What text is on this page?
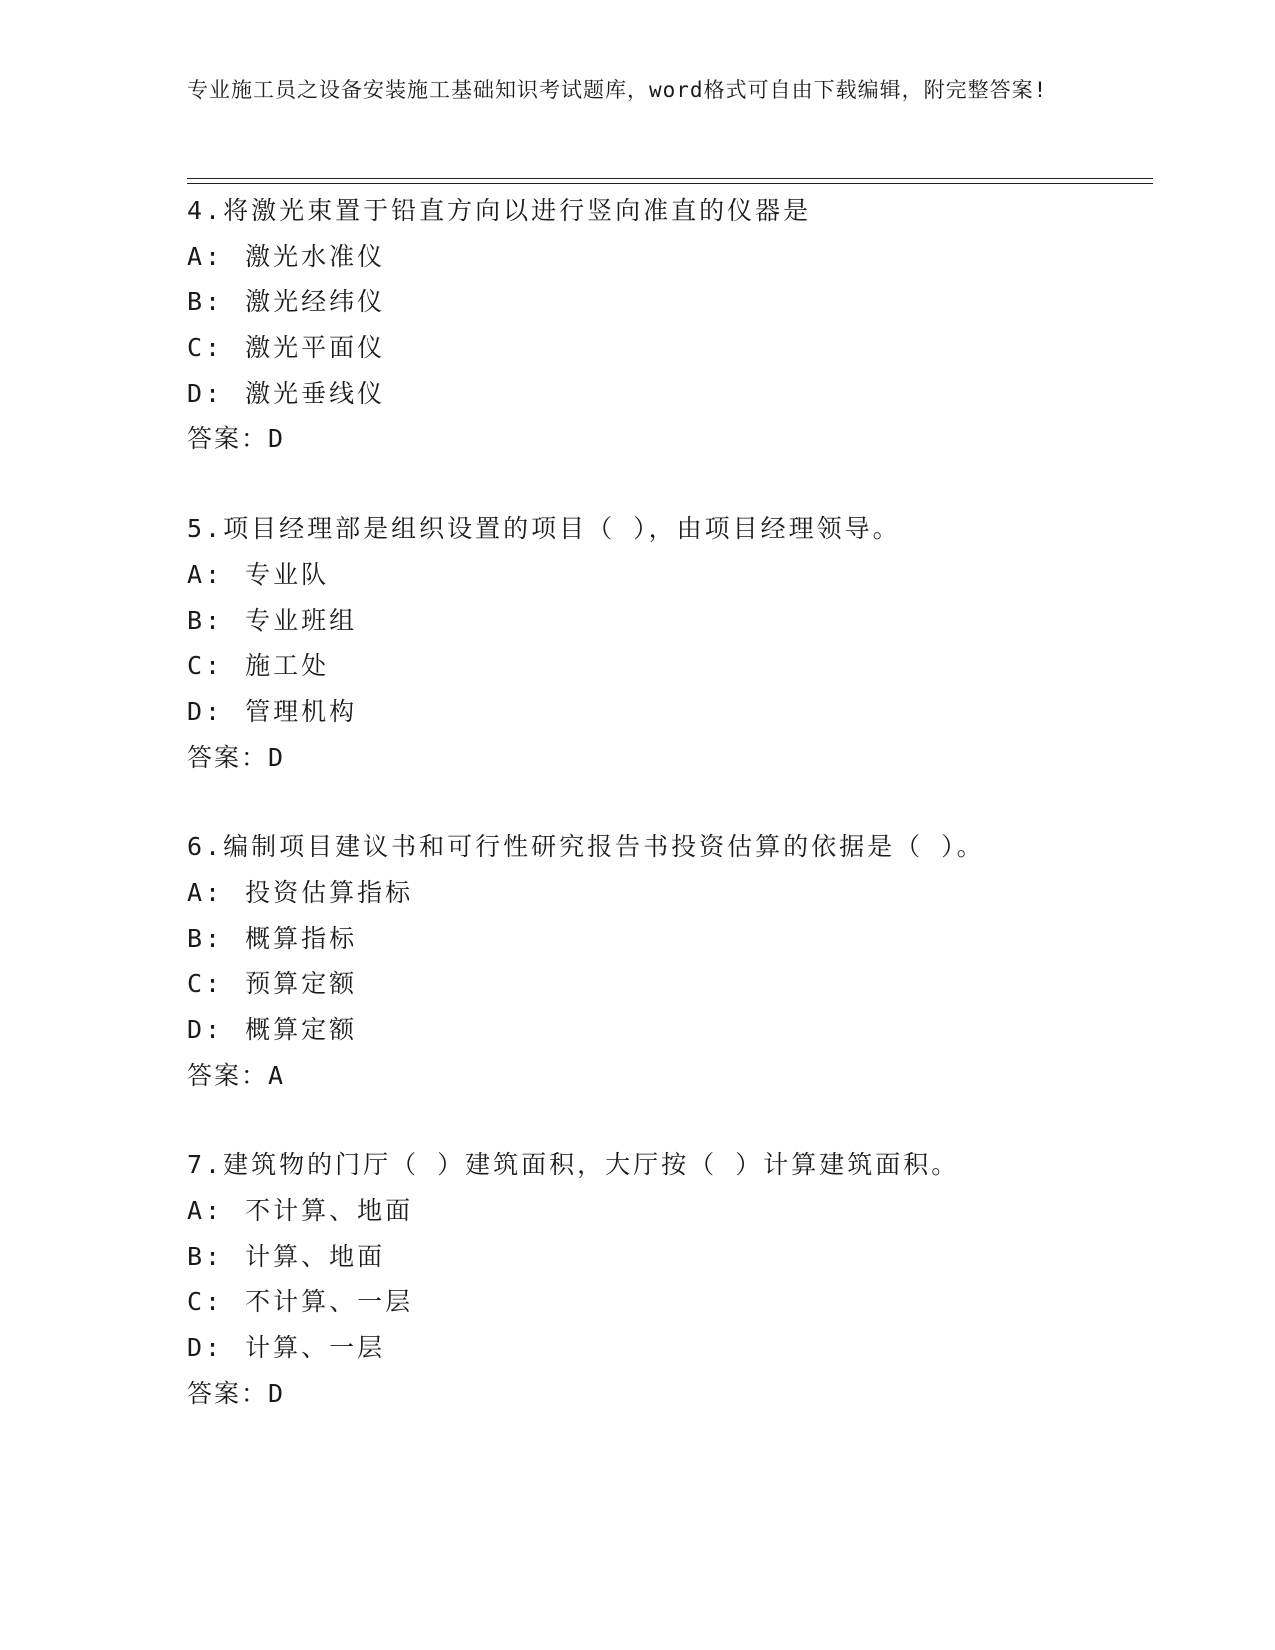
专业施工员之设备安装施工基础知识考试题库，word格式可自由下载编辑，附完整答案!

4.将激光束置于铅直方向以进行竖向准直的仪器是
A: 激光水准仪
B: 激光经纬仪
C: 激光平面仪
D: 激光垂线仪
答案：D
5.项目经理部是组织设置的项目（ ），由项目经理领导。
A: 专业队
B: 专业班组
C: 施工处
D: 管理机构
答案：D
6.编制项目建议书和可行性研究报告书投资估算的依据是（ ）。
A: 投资估算指标
B: 概算指标
C: 预算定额
D: 概算定额
答案：A
7.建筑物的门厅（ ）建筑面积，大厅按（ ）计算建筑面积。
A: 不计算、地面
B: 计算、地面
C: 不计算、一层
D: 计算、一层
答案：D
